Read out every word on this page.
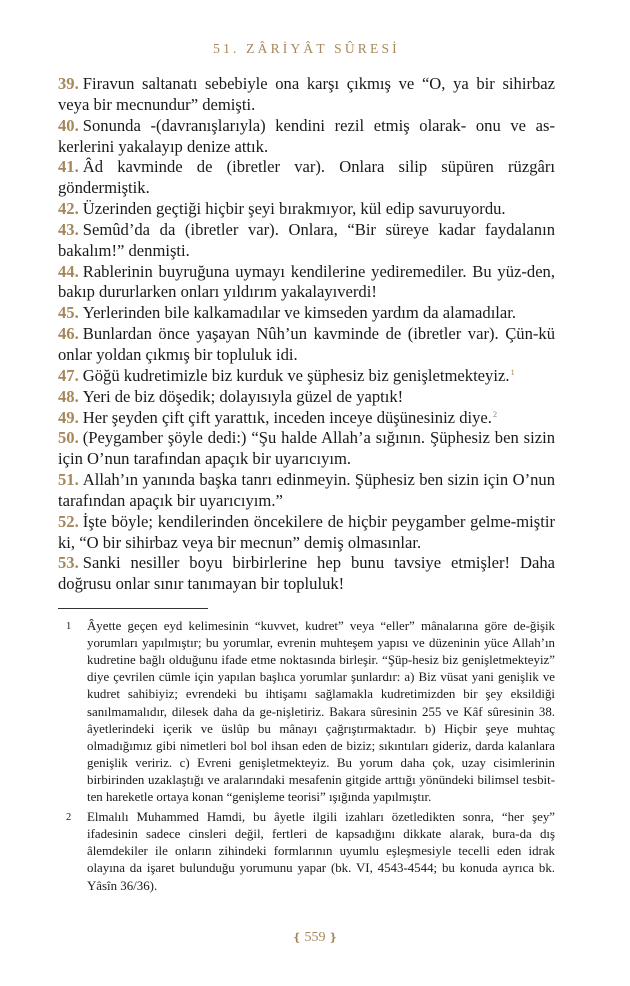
51. ZÂRİYÂT SÛRESİ
39. Firavun saltanatı sebebiyle ona karşı çıkmış ve “O, ya bir sihirbaz veya bir mecnundur” demişti.
40. Sonunda -(davranışlarıyla) kendini rezil etmiş olarak- onu ve as-kerlerini yakalayıp denize attık.
41. Âd kavminde de (ibretler var). Onlara silip süpüren rüzgârı göndermiştik.
42. Üzerinden geçtiği hiçbir şeyi bırakmıyor, kül edip savuruyordu.
43. Semûd’da da (ibretler var). Onlara, “Bir süreye kadar faydalanın bakalım!” denmişti.
44. Rablerinin buyruğuna uymayı kendilerine yediremediler. Bu yüz-den, bakıp dururlarken onları yıldırım yakalayıverdi!
45. Yerlerinden bile kalkamadılar ve kimseden yardım da alamadılar.
46. Bunlardan önce yaşayan Nûh’un kavminde de (ibretler var). Çün-kü onlar yoldan çıkmış bir topluluk idi.
47. Göğü kudretimizle biz kurduk ve şüphesiz biz genişletmekteyiz.$^1$
48. Yeri de biz döşedik; dolayısıyla güzel de yaptık!
49. Her şeyden çift çift yarattık, inceden inceye düşünesiniz diye.$^2$
50. (Peygamber şöyle dedi:) “Şu halde Allah’a sığının. Şüphesiz ben sizin için O’nun tarafından apaçık bir uyarıcıyım.
51. Allah’ın yanında başka tanrı edinmeyin. Şüphesiz ben sizin için O’nun tarafından apaçık bir uyarıcıyım.”
52. İşte böyle; kendilerinden öncekilere de hiçbir peygamber gelme-miştir ki, “O bir sihirbaz veya bir mecnun” demiş olmasınlar.
53. Sanki nesiller boyu birbirlerine hep bunu tavsiye etmişler! Daha doğrusu onlar sınır tanımayan bir topluluk!
1 Âyette geçen eyd kelimesinin “kuvvet, kudret” veya “eller” mânalarına göre de-ğişik yorumları yapılmıştır; bu yorumlar, evrenin muhteşem yapısı ve düzeninin yüce Allah’ın kudretine bağlı olduğunu ifade etme noktasında birleşir. “Şüp-hesiz biz genişletmekteyiz” diye çevrilen cümle için yapılan başlıca yorumlar şunlardır: a) Biz vüsat yani genişlik ve kudret sahibiyiz; evrendeki bu ihtişamı sağlamakla kudretimizden bir şey eksildiği sanılmamalıdır, dilesek daha da ge-nişletiriz. Bakara sûresinin 255 ve Kâf sûresinin 38. âyetlerindeki içerik ve üslûp bu mânayı çağrıştırmaktadır. b) Hiçbir şeye muhtaç olmadığımız gibi nimetleri bol bol ihsan eden de biziz; sıkıntıları gideriz, darda kalanlara genişlik veririz. c) Evreni genişletmekteyiz. Bu yorum daha çok, uzay cisimlerinin birbirinden uzaklaştığı ve aralarındaki mesafenin gitgide arttığı yönündeki bilimsel tesbit-ten hareketle ortaya konan “genişleme teorisi” ışığında yapılmıştır.
2 Elmalılı Muhammed Hamdi, bu âyetle ilgili izahları özetledikten sonra, “her şey” ifadesinin sadece cinsleri değil, fertleri de kapsadığını dikkate alarak, bura-da dış âlemdekiler ile onların zihindeki formlarının uyumlu eşleşmesiyle tecelli eden idrak olayına da işaret bulunduğu yorumunu yapar (bk. VI, 4543-4544; bu konuda ayrıca bk. Yâsîn 36/36).
❴ 559 ❵
